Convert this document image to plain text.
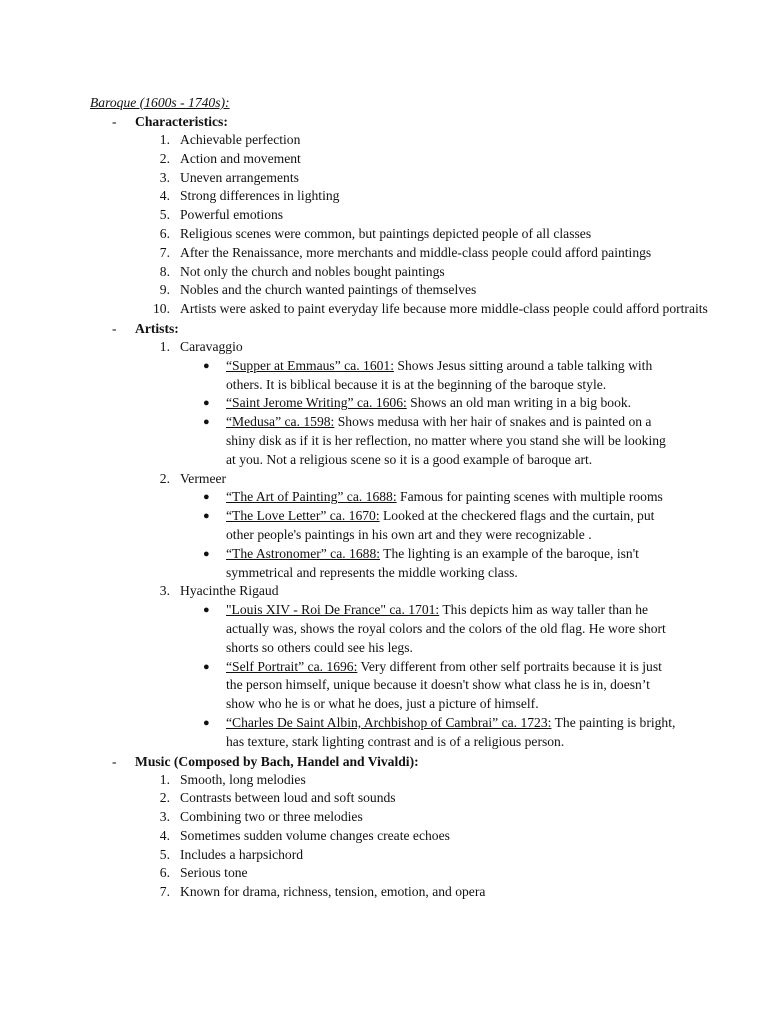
Baroque (1600s - 1740s):
- Characteristics:
1. Achievable perfection
2. Action and movement
3. Uneven arrangements
4. Strong differences in lighting
5. Powerful emotions
6. Religious scenes were common, but paintings depicted people of all classes
7. After the Renaissance, more merchants and middle-class people could afford paintings
8. Not only the church and nobles bought paintings
9. Nobles and the church wanted paintings of themselves
10. Artists were asked to paint everyday life because more middle-class people could afford portraits
- Artists:
1. Caravaggio
● “Supper at Emmaus” ca. 1601: Shows Jesus sitting around a table talking with others. It is biblical because it is at the beginning of the baroque style.
● “Saint Jerome Writing” ca. 1606: Shows an old man writing in a big book.
● “Medusa” ca. 1598: Shows medusa with her hair of snakes and is painted on a shiny disk as if it is her reflection, no matter where you stand she will be looking at you. Not a religious scene so it is a good example of baroque art.
2. Vermeer
● “The Art of Painting” ca. 1688: Famous for painting scenes with multiple rooms
● “The Love Letter” ca. 1670: Looked at the checkered flags and the curtain, put other people's paintings in his own art and they were recognizable .
● “The Astronomer” ca. 1688: The lighting is an example of the baroque, isn't symmetrical and represents the middle working class.
3. Hyacinthe Rigaud
● "Louis XIV - Roi De France" ca. 1701: This depicts him as way taller than he actually was, shows the royal colors and the colors of the old flag. He wore short shorts so others could see his legs.
● “Self Portrait” ca. 1696: Very different from other self portraits because it is just the person himself, unique because it doesn't show what class he is in, doesn’t show who he is or what he does, just a picture of himself.
● “Charles De Saint Albin, Archbishop of Cambrai” ca. 1723: The painting is bright, has texture, stark lighting contrast and is of a religious person.
- Music (Composed by Bach, Handel and Vivaldi):
1. Smooth, long melodies
2. Contrasts between loud and soft sounds
3. Combining two or three melodies
4. Sometimes sudden volume changes create echoes
5. Includes a harpsichord
6. Serious tone
7. Known for drama, richness, tension, emotion, and opera
